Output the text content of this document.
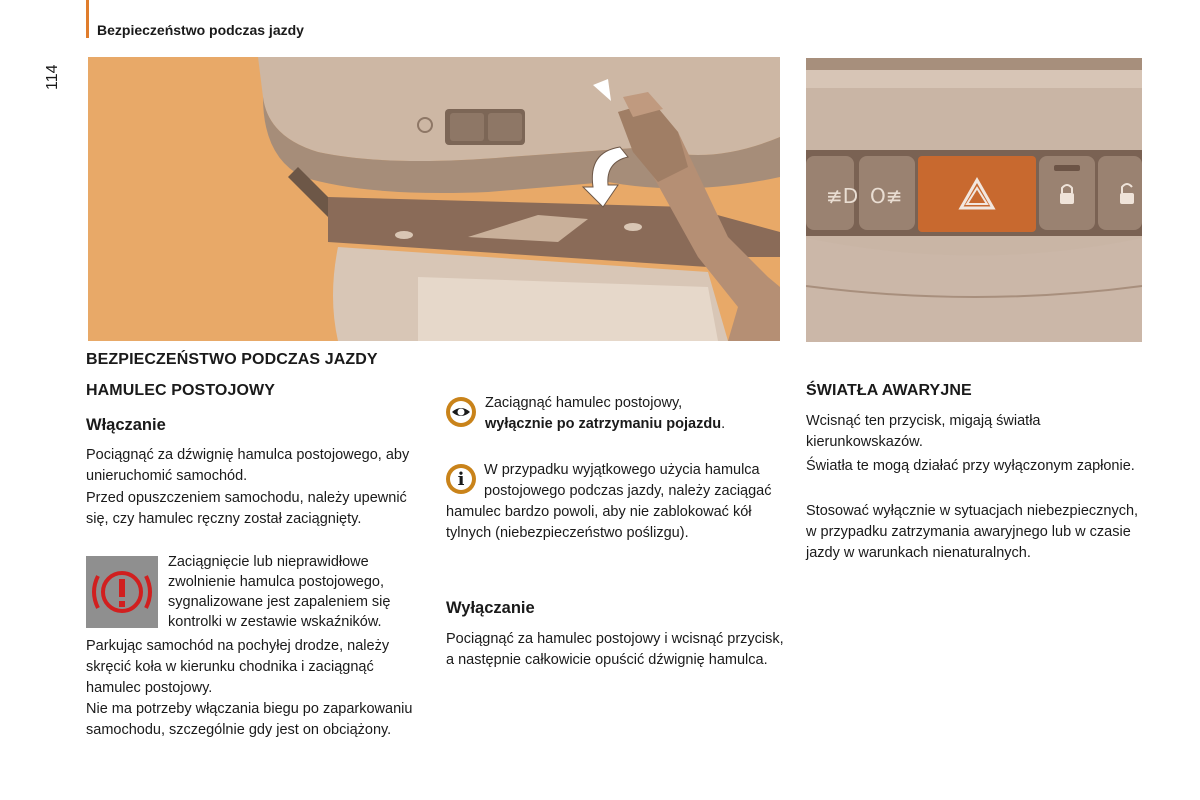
Bezpieczeństwo podczas jazdy
114
≢D O≢
BEZPIECZEŃSTWO PODCZAS JAZDY
HAMULEC POSTOJOWY
Włączanie

Pociągnąć za dźwignię hamulca postojowego, aby unieruchomić samochód.

Przed opuszczeniem samochodu, należy upewnić się, czy hamulec ręczny został zaciągnięty.

Zaciągnięcie lub nieprawidłowe zwolnienie hamulca postojowego, sygnalizowane jest zapaleniem się kontrolki w zestawie wskaźników.

Parkując samochód na pochyłej drodze, należy skręcić koła w kierunku chodnika i zaciągnąć hamulec postojowy.

Nie ma potrzeby włączania biegu po zaparkowaniu samochodu, szczególnie gdy jest on obciążony.

Zaciągnąć hamulec postojowy,
wyłącznie po zatrzymaniu pojazdu.

i	W przypadku wyjątkowego użycia hamulca postojowego podczas jazdy, należy zaciągać hamulec bardzo powoli, aby nie zablokować kół tylnych (niebezpieczeństwo poślizgu).

Wyłączanie

Pociągnąć za hamulec postojowy i wcisnąć przycisk, a następnie całkowicie opuścić dźwignię hamulca.

ŚWIATŁA AWARYJNE

Wcisnąć ten przycisk, migają światła kierunkowskazów.

Światła te mogą działać przy wyłączonym zapłonie.

Stosować wyłącznie w sytuacjach niebezpiecznych, w przypadku zatrzymania awaryjnego lub w czasie jazdy w warunkach nienaturalnych.
